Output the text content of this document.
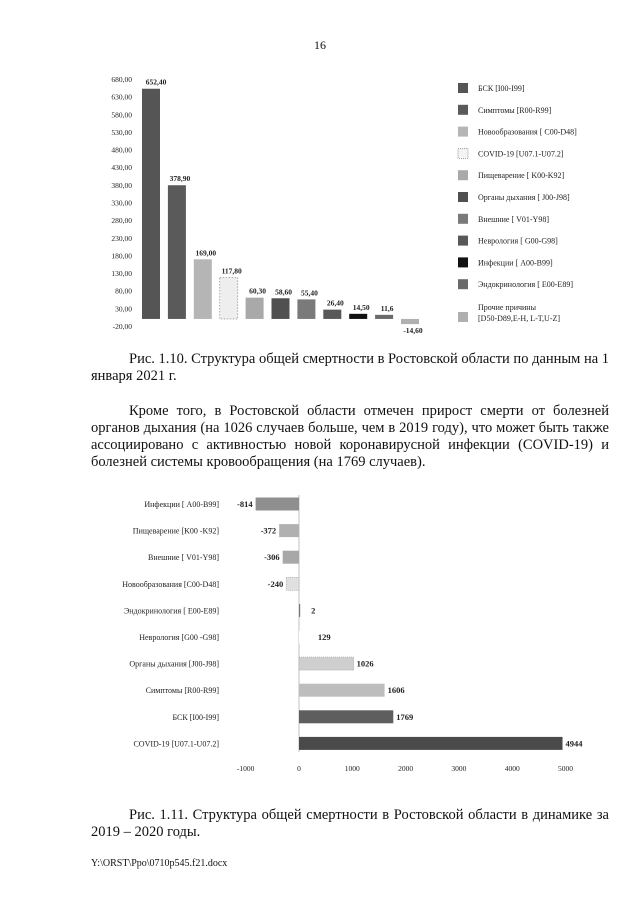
16
680,00
630,00
580,00
530,00
480,00
430,00
380,00
330,00
280,00
230,00
180,00
130,00
80,00
30,00
-20,00
652,40
378,90
169,00
117,80
60,30 58,60 55,40
26,40 14,50 11,6
-14,60
БСК [I00-I99]
Симптомы [R00-R99]
Новообразования [ C00-D48]
COVID-19 [U07.1-U07.2]
Пищеварение [ K00-K92]
Органы дыхания [ J00-J98]
Внешние [ V01-Y98]
Неврология [ G00-G98]
Инфекции [ A00-B99]
Эндокринология [ E00-E89]
Прочие причины
[D50-D89,E-H, L-T,U-Z]
Инфекции [ A00-B99] -814
Пищеварение [K00 -K92]	-372
Внешние [ V01-Y98]	-306
Новообразования [C00-D48]	-240
Эндокринология [ E00-E89]	2
Неврология [G00 -G98]	129
Органы дыхания [J00-J98]	1026
Симптомы [R00-R99]	1606
БСК [I00-I99]	1769
COVID-19 [U07.1-U07.2]	4944
-1000	0	1000	2000	3000	4000	5000
Рис. 1.10. Структура общей смертности в Ростовской области по данным на 1 января 2021 г.
Кроме того, в Ростовской области отмечен прирост смерти от болезней органов дыхания (на 1026 случаев больше, чем в 2019 году), что может быть также ассоциировано с активностью новой коронавирусной инфекции (COVID-19) и болезней системы кровообращения (на 1769 случаев).
Рис. 1.11. Структура общей смертности в Ростовской области в динамике за 2019 – 2020 годы.
Y:\ORST\Ppo\0710p545.f21.docx
